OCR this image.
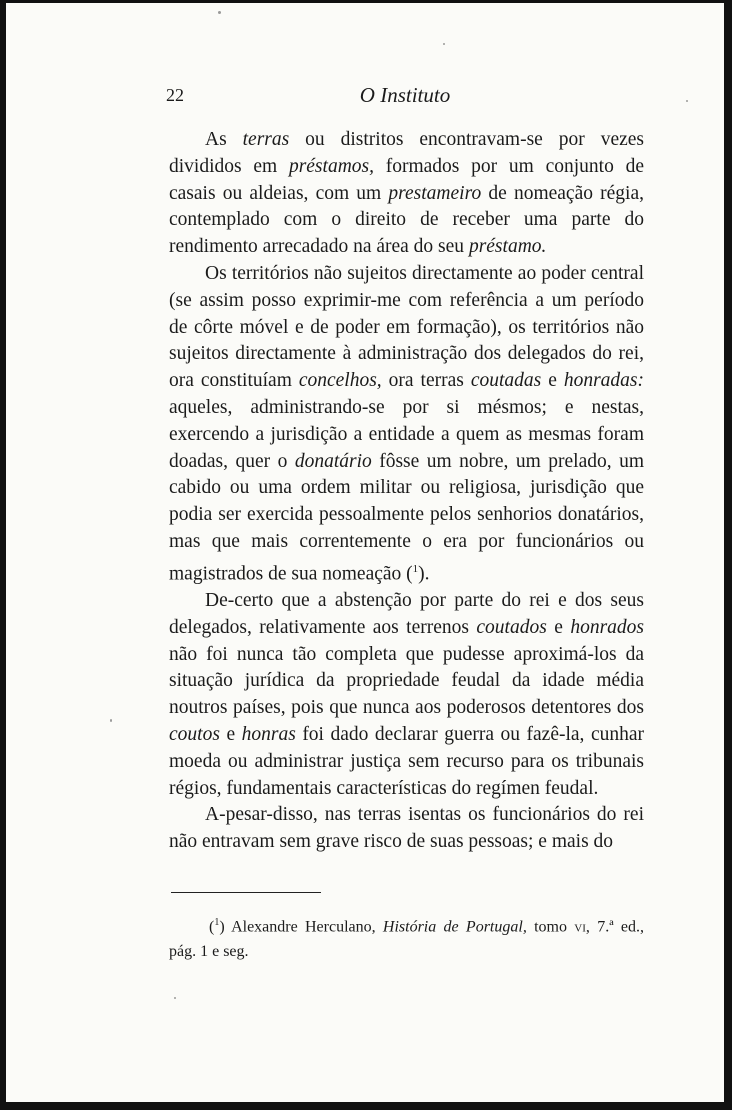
22	O Instituto

As terras ou distritos encontravam-se por vezes divididos em préstamos, formados por um conjunto de casais ou aldeias, com um prestameiro de nomeação régia, contemplado com o direito de receber uma parte do rendimento arrecadado na área do seu préstamo.

Os territórios não sujeitos directamente ao poder central (se assim posso exprimir-me com referência a um período de côrte móvel e de poder em formação), os territórios não sujeitos directamente à administração dos delegados do rei, ora constituíam concelhos, ora terras coutadas e honradas: aqueles, administrando-se por si mésmos; e nestas, exercendo a jurisdição a entidade a quem as mesmas foram doadas, quer o donatário fôsse um nobre, um prelado, um cabido ou uma ordem militar ou religiosa, jurisdição que podia ser exercida pessoalmente pelos senhorios donatários, mas que mais correntemente o era por funcionários ou magistrados de sua nomeação ($^1$).

De-certo que a abstenção por parte do rei e dos seus delegados, relativamente aos terrenos coutados e honrados não foi nunca tão completa que pudesse aproximá-los da situação jurídica da propriedade feudal da idade média noutros países, pois que nunca aos poderosos detentores dos coutos e honras foi dado declarar guerra ou fazê-la, cunhar moeda ou administrar justiça sem recurso para os tribunais régios, fundamentais características do regímen feudal.

A-pesar-disso, nas terras isentas os funcionários do rei não entravam sem grave risco de suas pessoas; e mais do

($^1$) Alexandre Herculano, História de Portugal, tomo vi, 7.ª ed., pág. 1 e seg.
